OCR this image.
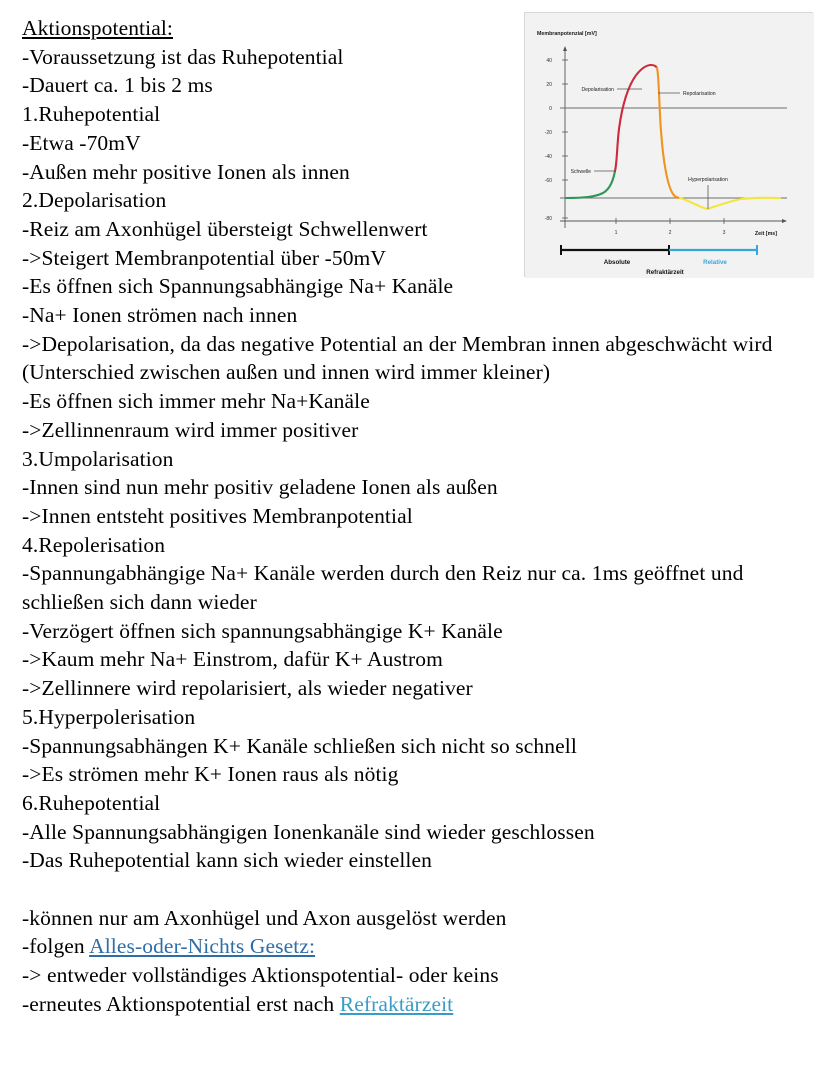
Aktionspotential:
-Voraussetzung ist das Ruhepotential
-Dauert ca. 1 bis 2 ms
1.Ruhepotential
-Etwa -70mV
-Außen mehr positive Ionen als innen
2.Depolarisation
-Reiz am Axonhügel übersteigt Schwellenwert
->Steigert Membranpotential über -50mV
-Es öffnen sich Spannungsabhängige Na+ Kanäle
-Na+ Ionen strömen nach innen
->Depolarisation, da das negative Potential an der Membran innen abgeschwächt wird (Unterschied zwischen außen und innen wird immer kleiner)
-Es öffnen sich immer mehr Na+Kanäle
->Zellinnenraum wird immer positiver
3.Umpolarisation
-Innen sind nun mehr positiv geladene Ionen als außen
->Innen entsteht positives Membranpotential
4.Repolerisation
-Spannungabhängige Na+ Kanäle werden durch den Reiz nur ca. 1ms geöffnet und schließen sich dann wieder
-Verzögert öffnen sich spannungsabhängige K+ Kanäle
->Kaum mehr Na+ Einstrom, dafür K+ Austrom
->Zellinnere wird repolarisiert, als wieder negativer
5.Hyperpolerisation
-Spannungsabhängen K+ Kanäle schließen sich nicht so schnell
->Es strömen mehr K+ Ionen raus als nötig
6.Ruhepotential
-Alle Spannungsabhängigen Ionenkanäle sind wieder geschlossen
-Das Ruhepotential kann sich wieder einstellen
-können nur am Axonhügel und Axon ausgelöst werden
-folgen Alles-oder-Nichts Gesetz:
-> entweder vollständiges Aktionspotential- oder keins
-erneutes Aktionspotential erst nach Refraktärzeit
Membranpotenzial [mV]
40
20
0
-20
-40
-60
-80
1	2	3	Zeit [ms]
Depolarisation
Repolarisation
Schwelle
Hyperpolarisation
Absolute	Relative
Refraktärzeit
